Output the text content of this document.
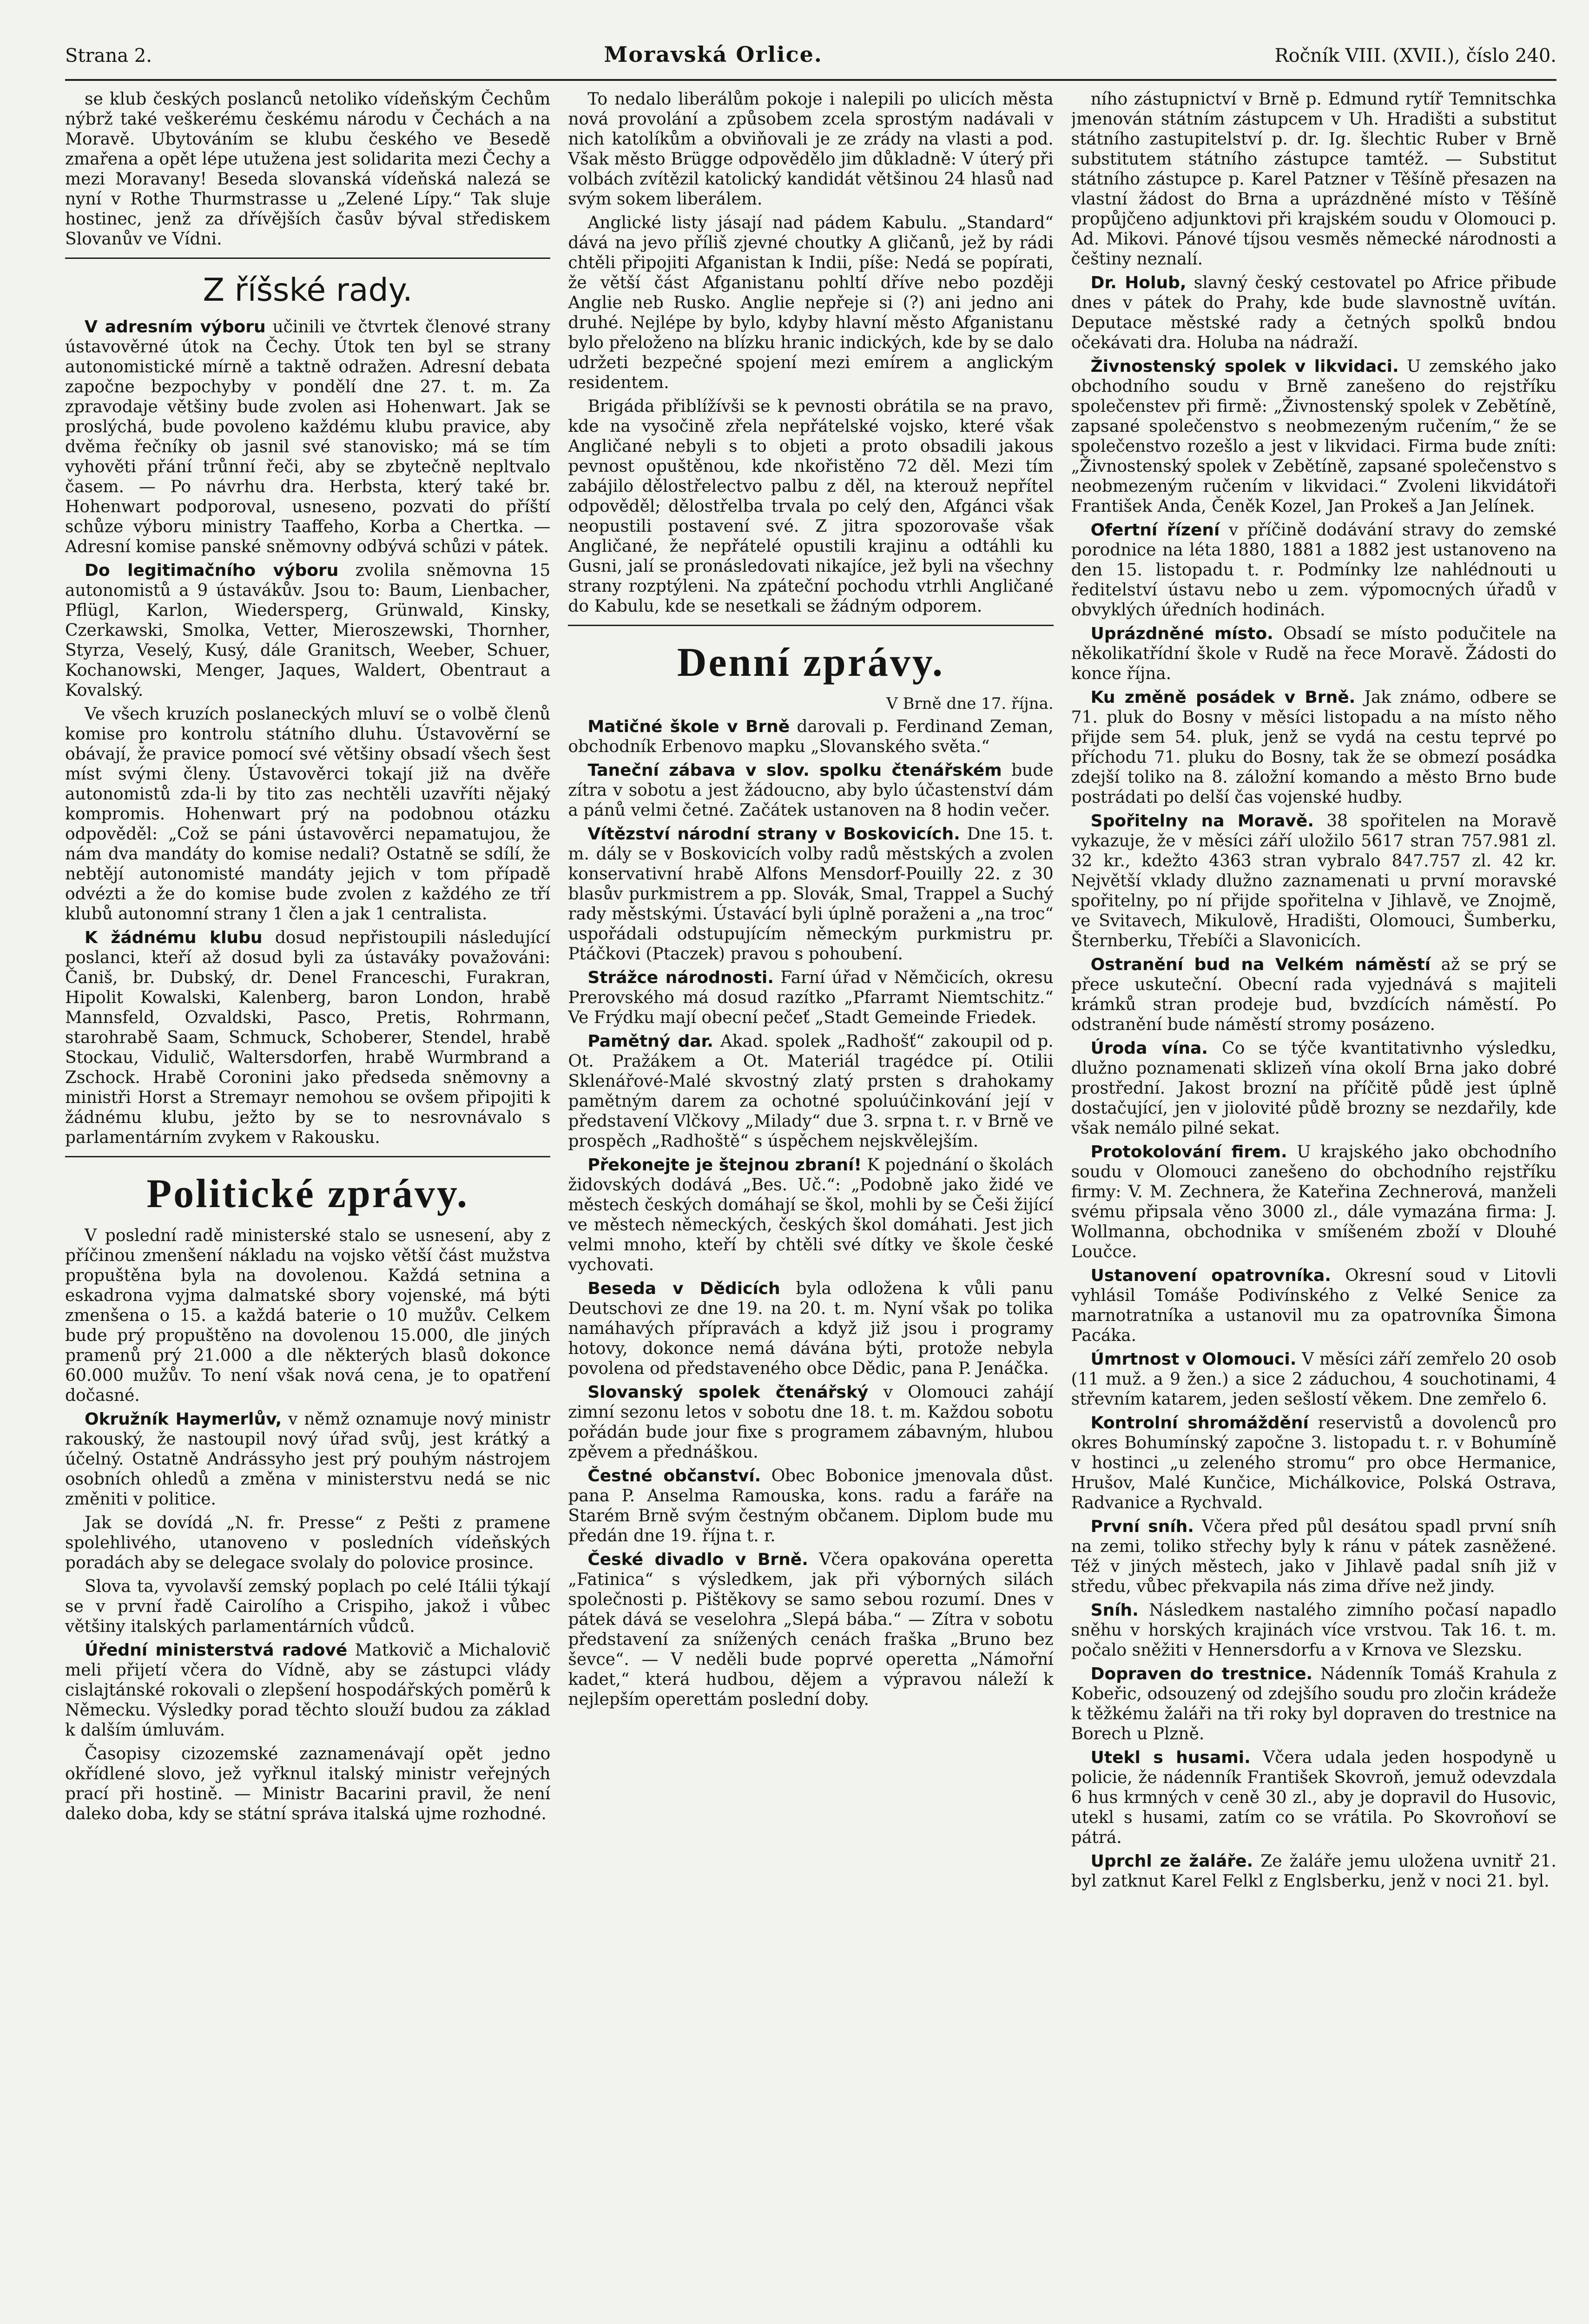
Strana 2.	Moravská Orlice.	Ročník VIII. (XVII.), číslo 240.

se klub českých poslanců netoliko vídeňským Čechům nýbrž také veškerému českému národu v Čechách a na Moravě. Ubytováním se klubu českého ve Besedě zmařena a opět lépe utužena jest solidarita mezi Čechy a mezi Moravany! Beseda slovanská vídeňská nalezá se nyní v Rothe Thurmstrasse u „Zelené Lípy.“ Tak sluje hostinec, jenž za dřívějších časův býval střediskem Slovanův ve Vídni.

Z říšské rady.

V adresním výboru učinili ve čtvrtek členové strany ústavověrné útok na Čechy. Útok ten byl se strany autonomistické mírně a taktně odražen. Adresní debata započne bezpochyby v pondělí dne 27. t. m. Za zpravodaje většiny bude zvolen asi Hohenwart. Jak se proslýchá, bude povoleno každému klubu pravice, aby dvěma řečníky ob jasnil své stanovisko; má se tím vyhověti přání trůnní řeči, aby se zbytečně nepltvalo časem. — Po návrhu dra. Herbsta, který také br. Hohenwart podporoval, usneseno, pozvati do příští schůze výboru ministry Taaffeho, Korba a Chertka. — Adresní komise panské sněmovny odbývá schůzi v pátek.

Do legitimačního výboru zvolila sněmovna 15 autonomistů a 9 ústavákův. Jsou to: Baum, Lienbacher, Pflügl, Karlon, Wiedersperg, Grünwald, Kinsky, Czerkawski, Smolka, Vetter, Mieroszewski, Thornher, Styrza, Veselý, Kusý, dále Granitsch, Weeber, Schuer, Kochanowski, Menger, Jaques, Waldert, Obentraut a Kovalský.

Ve všech kruzích poslaneckých mluví se o volbě členů komise pro kontrolu státního dluhu. Ústavověrní se obávají, že pravice pomocí své většiny obsadí všech šest míst svými členy. Ústavověrci tokají již na dvěře autonomistů zda-li by tito zas nechtěli uzavříti nějaký kompromis. Hohenwart prý na podobnou otázku odpověděl: „Což se páni ústavověrci nepamatujou, že nám dva mandáty do komise nedali? Ostatně se sdílí, že nebtějí autonomisté mandáty jejich v tom případě odvézti a že do komise bude zvolen z každého ze tří klubů autonomní strany 1 člen a jak 1 centralista.

K žádnému klubu dosud nepřistoupili následující poslanci, kteří až dosud byli za ústaváky považováni: Čaniš, br. Dubský, dr. Denel Franceschi, Furakran, Hipolit Kowalski, Kalenberg, baron London, hrabě Mannsfeld, Ozvaldski, Pasco, Pretis, Rohrmann, starohrabě Saam, Schmuck, Schoberer, Stendel, hrabě Stockau, Vidulič, Waltersdorfen, hrabě Wurmbrand a Zschock. Hrabě Coronini jako předseda sněmovny a ministři Horst a Stremayr nemohou se ovšem připojiti k žádnému klubu, ježto by se to nesrovnávalo s parlamentárním zvykem v Rakousku.

Politické zprávy.

V poslední radě ministerské stalo se usnesení, aby z příčinou zmenšení nákladu na vojsko větší část mužstva propuštěna byla na dovolenou. Každá setnina a eskadrona vyjma dalmatské sbory vojenské, má býti zmenšena o 15. a každá baterie o 10 mužův. Celkem bude prý propuštěno na dovolenou 15.000, dle jiných pramenů prý 21.000 a dle některých blasů dokonce 60.000 mužův. To není však nová cena, je to opatření dočasné.

Okružník Haymerlův, v němž oznamuje nový ministr rakouský, že nastoupil nový úřad svůj, jest krátký a účelný. Ostatně Andrássyho jest prý pouhým nástrojem osobních ohledů a změna v ministerstvu nedá se nic změniti v politice.

Jak se dovídá „N. fr. Presse“ z Pešti z pramene spolehlivého, utanoveno v posledních vídeňských poradách aby se delegace svolaly do polovice prosince.

Slova ta, vyvolavší zemský poplach po celé Itálii týkají se v první řadě Cairolího a Crispiho, jakož i vůbec většiny italských parlamentárních vůdců.

Úřední ministerstvá radové Matkovič a Michalovič meli přijetí včera do Vídně, aby se zástupci vlády cislajtánské rokovali o zlepšení hospodářských poměrů k Německu. Výsledky porad těchto slouží budou za základ k dalším úmluvám.

Časopisy cizozemské zaznamenávají opět jedno okřídlené slovo, jež vyřknul italský ministr veřejných prací při hostině. — Ministr Bacarini pravil, že není daleko doba, kdy se státní správa italská ujme rozhodné.

To nedalo liberálům pokoje i nalepili po ulicích města nová provolání a způsobem zcela sprostým nadávali v nich katolíkům a obviňovali je ze zrády na vlasti a pod. Však město Brügge odpovědělo jim důkladně: V úterý při volbách zvítězil katolický kandidát většinou 24 hlasů nad svým sokem liberálem.

Anglické listy jásají nad pádem Kabulu. „Standard“ dává na jevo příliš zjevné choutky A gličanů, jež by rádi chtěli připojiti Afganistan k Indii, píše: Nedá se popírati, že větší část Afganistanu pohltí dříve nebo později Anglie neb Rusko. Anglie nepřeje si (?) ani jedno ani druhé. Nejlépe by bylo, kdyby hlavní město Afganistanu bylo přeloženo na blízku hranic indických, kde by se dalo udržeti bezpečné spojení mezi emírem a anglickým residentem.

Brigáda přiblížívši se k pevnosti obrátila se na pravo, kde na vysočině zřela nepřátelské vojsko, které však Angličané nebyli s to objeti a proto obsadili jakous pevnost opuštěnou, kde nkořistěno 72 děl. Mezi tím zabájilo dělostřelectvo palbu z děl, na kterouž nepřítel odpověděl; dělostřelba trvala po celý den, Afgánci však neopustili postavení své. Z jitra spozorovaše však Angličané, že nepřátelé opustili krajinu a odtáhli ku Gusni, jalí se pronásledovati nikajíce, jež byli na všechny strany rozptýleni. Na zpáteční pochodu vtrhli Angličané do Kabulu, kde se nesetkali se žádným odporem.

Denní zprávy.
V Brně dne 17. října.

Matičné škole v Brně darovali p. Ferdinand Zeman, obchodník Erbenovo mapku „Slovanského světa.“

Taneční zábava v slov. spolku čtenářském bude zítra v sobotu a jest žádoucno, aby bylo účastenství dám a pánů velmi četné. Začátek ustanoven na 8 hodin večer.

Vítězství národní strany v Boskovicích. Dne 15. t. m. dály se v Boskovicích volby radů městských a zvolen konservativní hrabě Alfons Mensdorf-Pouilly 22. z 30 blasův purkmistrem a pp. Slovák, Smal, Trappel a Suchý rady městskými. Ústavácí byli úplně poraženi a „na troc“ uspořádali odstupujícím německým purkmistru pr. Ptáčkovi (Ptaczek) pravou s pohoubení.

Strážce národnosti. Farní úřad v Němčicích, okresu Prerovského má dosud razítko „Pfarramt Niemtschitz.“ Ve Frýdku mají obecní pečeť „Stadt Gemeinde Friedek.

Pamětný dar. Akad. spolek „Radhošť“ zakoupil od p. Ot. Pražákem a Ot. Materiál tragédce pí. Otilii Sklenářové-Malé skvostný zlatý prsten s drahokamy pamětným darem za ochotné spoluúčinkování její v představení Vlčkovy „Milady“ due 3. srpna t. r. v Brně ve prospěch „Radhoště“ s úspěchem nejskvělejším.

Překonejte je štejnou zbraní! K pojednání o školách židovských dodává „Bes. Uč.“: „Podobně jako židé ve městech českých domáhají se škol, mohli by se Češi žijící ve městech německých, českých škol domáhati. Jest jich velmi mnoho, kteří by chtěli své dítky ve škole české vychovati.

Beseda v Dědicích byla odložena k vůli panu Deutschovi ze dne 19. na 20. t. m. Nyní však po tolika namáhavých přípravách a když již jsou i programy hotovy, dokonce nemá dávána býti, protože nebyla povolena od představeného obce Dědic, pana P. Jenáčka.

Slovanský spolek čtenářský v Olomouci zahájí zimní sezonu letos v sobotu dne 18. t. m. Každou sobotu pořádán bude jour fixe s programem zábavným, hlubou zpěvem a přednáškou.

Čestné občanství. Obec Bobonice jmenovala důst. pana P. Anselma Ramouska, kons. radu a faráře na Starém Brně svým čestným občanem. Diplom bude mu předán dne 19. října t. r.

České divadlo v Brně. Včera opakována operetta „Fatinica“ s výsledkem, jak při výborných silách společnosti p. Pištěkovy se samo sebou rozumí. Dnes v pátek dává se veselohra „Slepá bába.“ — Zítra v sobotu představení za snížených cenách fraška „Bruno bez ševce“. — V neděli bude poprvé operetta „Námořní kadet,“ která hudbou, dějem a výpravou náleží k nejlepším operettám poslední doby.

ního zástupnictví v Brně p. Edmund rytíř Temnitschka jmenován státním zástupcem v Uh. Hradišti a substitut státního zastupitelství p. dr. Ig. šlechtic Ruber v Brně substitutem státního zástupce tamtéž. — Substitut státního zástupce p. Karel Patzner v Těšíně přesazen na vlastní žádost do Brna a uprázdněné místo v Těšíně propůjčeno adjunktovi při krajském soudu v Olomouci p. Ad. Mikovi. Pánové tíjsou vesměs německé národnosti a češtiny neznalí.

Dr. Holub, slavný český cestovatel po Africe přibude dnes v pátek do Prahy, kde bude slavnostně uvítán. Deputace městské rady a četných spolků bndou očekávati dra. Holuba na nádraží.

Živnostenský spolek v likvidaci. U zemského jako obchodního soudu v Brně zanešeno do rejstříku společenstev při firmě: „Živnostenský spolek v Zebětíně, zapsané společenstvo s neobmezeným ručením,“ že se společenstvo rozešlo a jest v likvidaci. Firma bude zníti: „Živnostenský spolek v Zebětíně, zapsané společenstvo s neobmezeným ručením v likvidaci.“ Zvoleni likvidátoři František Anda, Čeněk Kozel, Jan Prokeš a Jan Jelínek.

Ofertní řízení v příčině dodávání stravy do zemské porodnice na léta 1880, 1881 a 1882 jest ustanoveno na den 15. listopadu t. r. Podmínky lze nahlédnouti u ředitelství ústavu nebo u zem. výpomocných úřadů v obvyklých úředních hodinách.

Uprázdněné místo. Obsadí se místo podučitele na několikatřídní škole v Rudě na řece Moravě. Žádosti do konce října.

Ku změně posádek v Brně. Jak známo, odbere se 71. pluk do Bosny v měsíci listopadu a na místo něho přijde sem 54. pluk, jenž se vydá na cestu teprvé po příchodu 71. pluku do Bosny, tak že se obmezí posádka zdejší toliko na 8. záložní komando a město Brno bude postrádati po delší čas vojenské hudby.

Spořitelny na Moravě. 38 spořitelen na Moravě vykazuje, že v měsíci září uložilo 5617 stran 757.981 zl. 32 kr., kdežto 4363 stran vybralo 847.757 zl. 42 kr. Největší vklady dlužno zaznamenati u první moravské spořitelny, po ní přijde spořitelna v Jihlavě, ve Znojmě, ve Svitavech, Mikulově, Hradišti, Olomouci, Šumberku, Šternberku, Třebíči a Slavonicích.

Ostranění bud na Velkém náměstí až se prý se přece uskuteční. Obecní rada vyjednává s majiteli krámků stran prodeje bud, bvzdících náměstí. Po odstranění bude náměstí stromy posázeno.

Úroda vína. Co se týče kvantitativnho výsledku, dlužno poznamenati sklizeň vína okolí Brna jako dobré prostřední. Jakost brozní na příčitě půdě jest úplně dostačující, jen v jiolovité půdě brozny se nezdařily, kde však nemálo pilné sekat.

Protokolování firem. U krajského jako obchodního soudu v Olomouci zanešeno do obchodního rejstříku firmy: V. M. Zechnera, že Kateřina Zechnerová, manželi svému připsala věno 3000 zl., dále vymazána firma: J. Wollmanna, obchodnika v smíšeném zboží v Dlouhé Loučce.

Ustanovení opatrovníka. Okresní soud v Litovli vyhlásil Tomáše Podivínského z Velké Senice za marnotratníka a ustanovil mu za opatrovníka Šimona Pacáka.

Úmrtnost v Olomouci. V měsíci září zemřelo 20 osob (11 muž. a 9 žen.) a sice 2 záduchou, 4 souchotinami, 4 střevním katarem, jeden sešlostí věkem. Dne zemřelo 6.

Kontrolní shromáždění reservistů a dovolenců pro okres Bohumínský započne 3. listopadu t. r. v Bohumíně v hostinci „u zeleného stromu“ pro obce Hermanice, Hrušov, Malé Kunčice, Michálkovice, Polská Ostrava, Radvanice a Rychvald.

První sníh. Včera před půl desátou spadl první sníh na zemi, toliko střechy byly k ránu v pátek zasněžené. Též v jiných městech, jako v Jihlavě padal sníh již v středu, vůbec překvapila nás zima dříve než jindy.

Sníh. Následkem nastalého zimního počasí napadlo sněhu v horských krajinách více vrstvou. Tak 16. t. m. počalo sněžiti v Hennersdorfu a v Krnova ve Slezsku.

Dopraven do trestnice. Nádenník Tomáš Krahula z Kobeřic, odsouzený od zdejšího soudu pro zločin krádeže k těžkému žaláři na tři roky byl dopraven do trestnice na Borech u Plzně.

Utekl s husami. Včera udala jeden hospodyně u policie, že nádenník František Skovroň, jemuž odevzdala 6 hus krmných v ceně 30 zl., aby je dopravil do Husovic, utekl s husami, zatím co se vrátila. Po Skovroňoví se pátrá.

Uprchl ze žaláře. Ze žaláře jemu uložena uvnitř 21. byl zatknut Karel Felkl z Englsberku, jenž v noci 21. byl.
